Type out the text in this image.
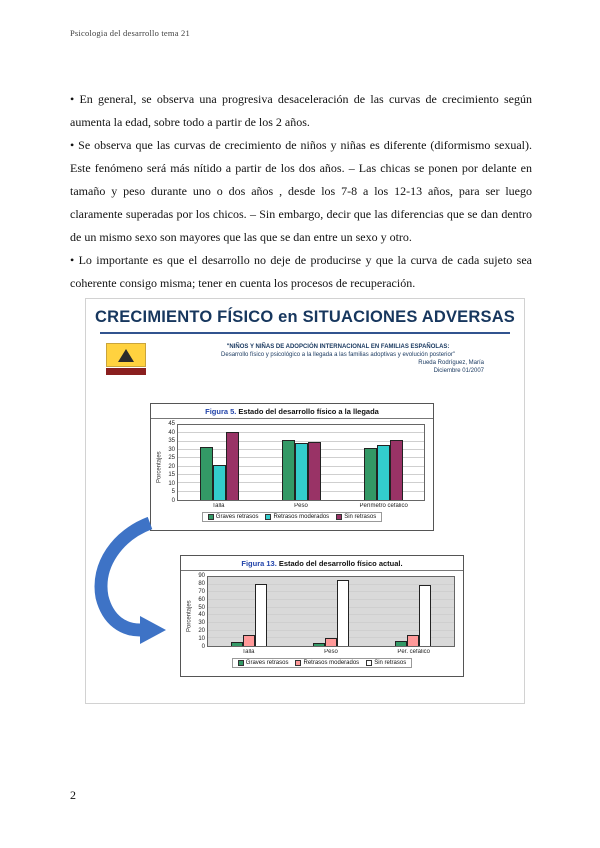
Psicologia del desarrollo tema 21

• En general, se observa una progresiva desaceleración de las curvas de crecimiento según aumenta la edad, sobre todo a partir de los 2 años.

• Se observa que las curvas de crecimiento de niños y niñas es diferente (diformismo sexual). Este fenómeno será más nítido a partir de los dos años. – Las chicas se ponen por delante en tamaño y peso durante uno o dos años , desde los 7-8 a los 12-13 años, para ser luego claramente superadas por los chicos. – Sin embargo, decir que las diferencias que se dan dentro de un mismo sexo son mayores que las que se dan entre un sexo y otro.

• Lo importante es que el desarrollo no deje de producirse y que la curva de cada sujeto sea coherente consigo misma; tener en cuenta los procesos de recuperación.

CRECIMIENTO FÍSICO en SITUACIONES ADVERSAS
"NIÑOS Y NIÑAS DE ADOPCIÓN INTERNACIONAL EN FAMILIAS ESPAÑOLAS:
Desarrollo físico y psicológico a la llegada a las familias adoptivas y evolución posterior"
Rueda Rodríguez, María
Diciembre 01/2007
Figura 5. Estado del desarrollo físico a la llegada
Porcentajes
45
40
35
30
25
20
15
10
5
0
Talla	Peso	Perímetro cefálico
Graves retrasos	Retrasos moderados	Sin retrasos
Figura 13. Estado del desarrollo físico actual.
Porcentajes
90
80
70
60
50
40
30
20
10
0
Talla	Peso	Per. cefálico
Graves retrasos	Retrasos moderados	Sin retrasos
2
